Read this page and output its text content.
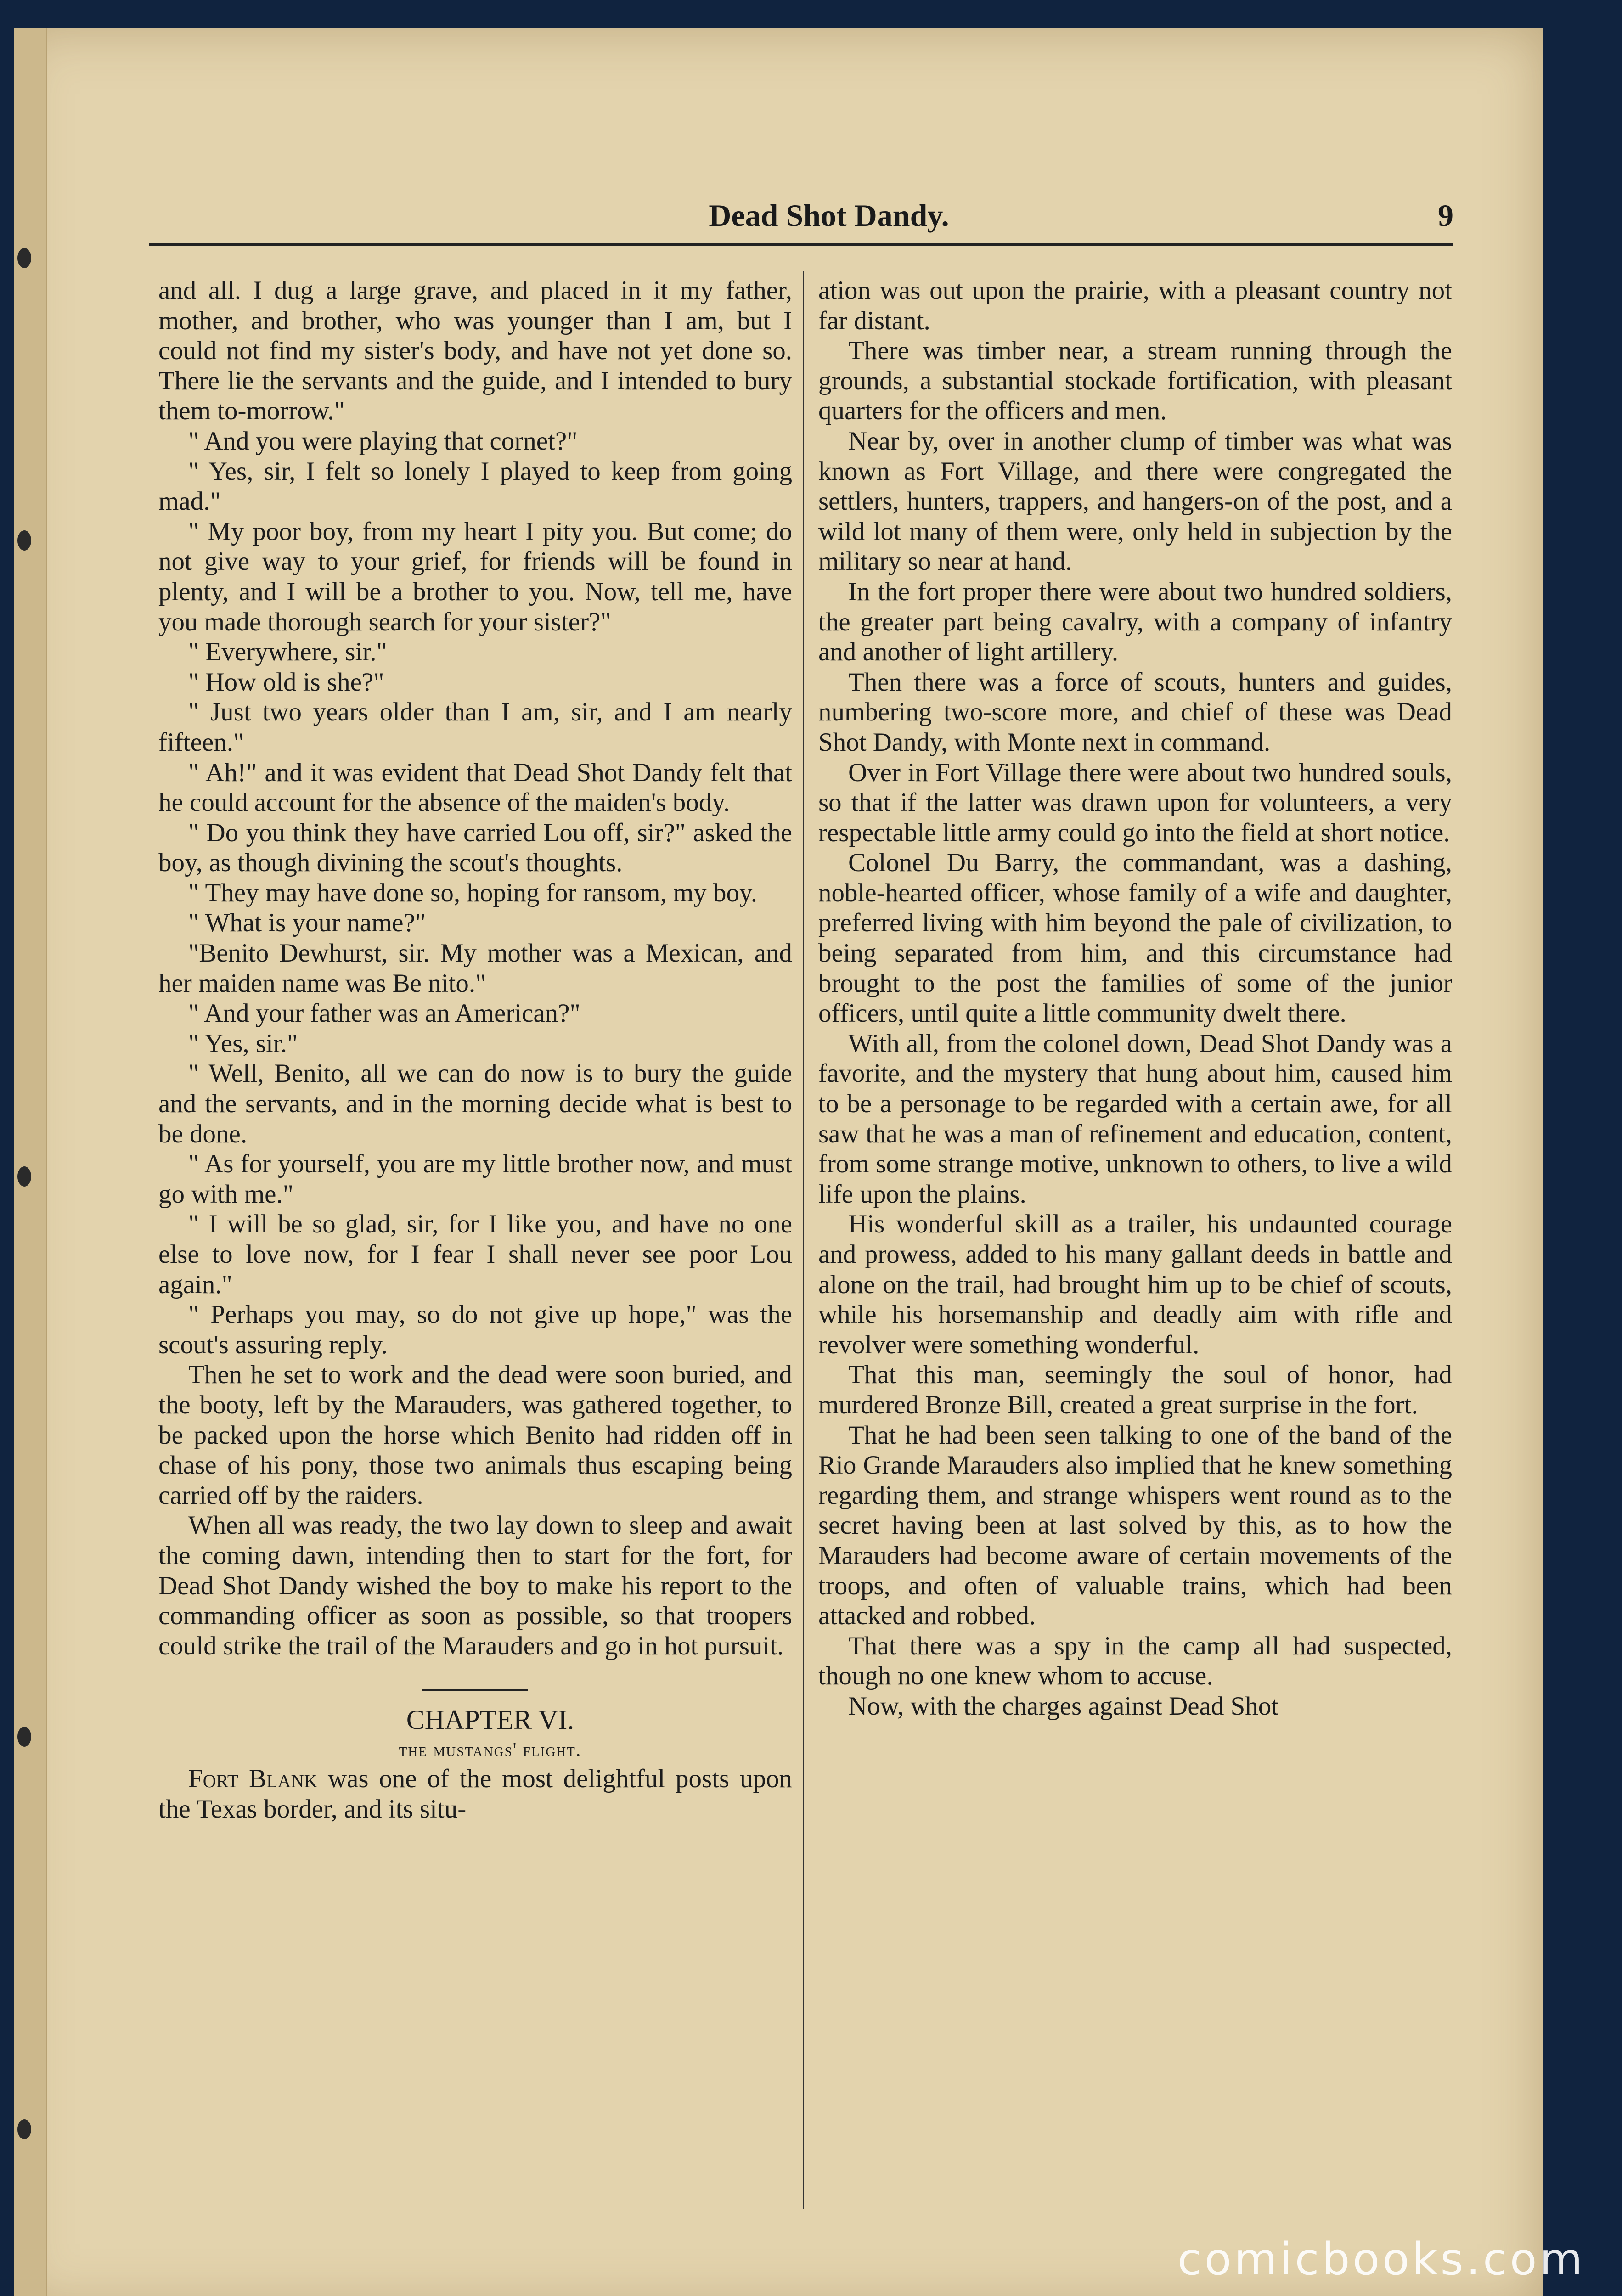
Dead Shot Dandy.	9

and all. I dug a large grave, and placed in it my father, mother, and brother, who was younger than I am, but I could not find my sister's body, and have not yet done so. There lie the servants and the guide, and I intended to bury them to-morrow."

" And you were playing that cornet?"

" Yes, sir, I felt so lonely I played to keep from going mad."

" My poor boy, from my heart I pity you. But come; do not give way to your grief, for friends will be found in plenty, and I will be a brother to you. Now, tell me, have you made thorough search for your sister?"

" Everywhere, sir."

" How old is she?"

" Just two years older than I am, sir, and I am nearly fifteen."

" Ah!" and it was evident that Dead Shot Dandy felt that he could account for the absence of the maiden's body.

" Do you think they have carried Lou off, sir?" asked the boy, as though divining the scout's thoughts.

" They may have done so, hoping for ransom, my boy.

" What is your name?"

"Benito Dewhurst, sir. My mother was a Mexican, and her maiden name was Be nito."

" And your father was an American?"

" Yes, sir."

" Well, Benito, all we can do now is to bury the guide and the servants, and in the morning decide what is best to be done.

" As for yourself, you are my little brother now, and must go with me."

" I will be so glad, sir, for I like you, and have no one else to love now, for I fear I shall never see poor Lou again."

" Perhaps you may, so do not give up hope," was the scout's assuring reply.

Then he set to work and the dead were soon buried, and the booty, left by the Marauders, was gathered together, to be packed upon the horse which Benito had ridden off in chase of his pony, those two animals thus escaping being carried off by the raiders.

When all was ready, the two lay down to sleep and await the coming dawn, intending then to start for the fort, for Dead Shot Dandy wished the boy to make his report to the commanding officer as soon as possible, so that troopers could strike the trail of the Marauders and go in hot pursuit.

CHAPTER VI.

the mustangs' flight.

Fort Blank was one of the most delightful posts upon the Texas border, and its situ-

ation was out upon the prairie, with a pleasant country not far distant.

There was timber near, a stream running through the grounds, a substantial stockade fortification, with pleasant quarters for the officers and men.

Near by, over in another clump of timber was what was known as Fort Village, and there were congregated the settlers, hunters, trappers, and hangers-on of the post, and a wild lot many of them were, only held in subjection by the military so near at hand.

In the fort proper there were about two hundred soldiers, the greater part being cavalry, with a company of infantry and another of light artillery.

Then there was a force of scouts, hunters and guides, numbering two-score more, and chief of these was Dead Shot Dandy, with Monte next in command.

Over in Fort Village there were about two hundred souls, so that if the latter was drawn upon for volunteers, a very respectable little army could go into the field at short notice.

Colonel Du Barry, the commandant, was a dashing, noble-hearted officer, whose family of a wife and daughter, preferred living with him beyond the pale of civilization, to being separated from him, and this circumstance had brought to the post the families of some of the junior officers, until quite a little community dwelt there.

With all, from the colonel down, Dead Shot Dandy was a favorite, and the mystery that hung about him, caused him to be a personage to be regarded with a certain awe, for all saw that he was a man of refinement and education, content, from some strange motive, unknown to others, to live a wild life upon the plains.

His wonderful skill as a trailer, his undaunted courage and prowess, added to his many gallant deeds in battle and alone on the trail, had brought him up to be chief of scouts, while his horsemanship and deadly aim with rifle and revolver were something wonderful.

That this man, seemingly the soul of honor, had murdered Bronze Bill, created a great surprise in the fort.

That he had been seen talking to one of the band of the Rio Grande Marauders also implied that he knew something regarding them, and strange whispers went round as to the secret having been at last solved by this, as to how the Marauders had become aware of certain movements of the troops, and often of valuable trains, which had been attacked and robbed.

That there was a spy in the camp all had suspected, though no one knew whom to accuse.

Now, with the charges against Dead Shot

comicbooks.com
